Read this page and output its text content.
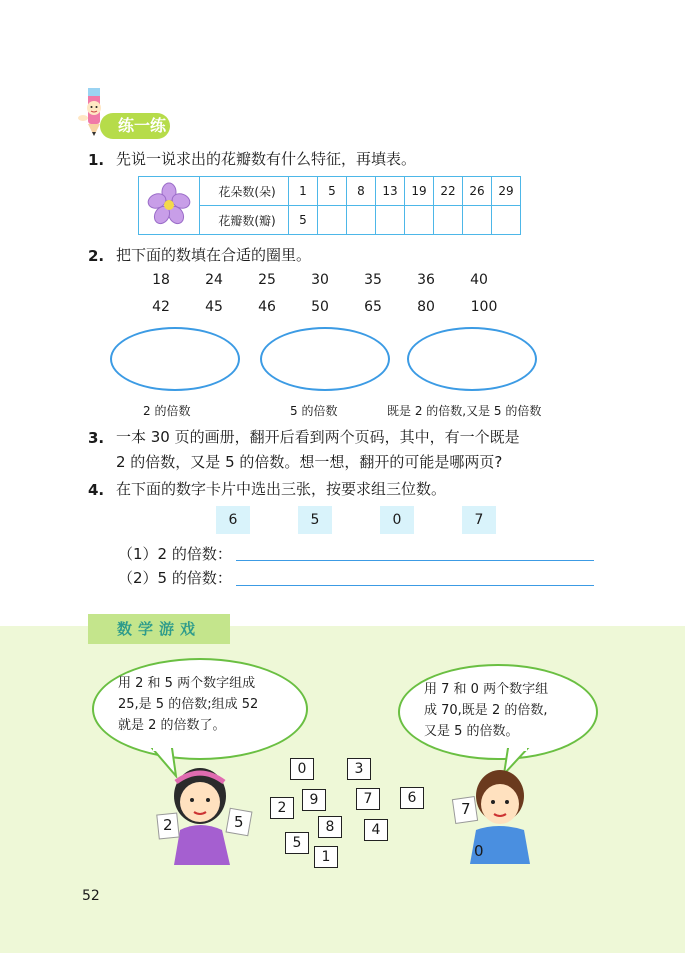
练一练
1. 先说一说求出的花瓣数有什么特征，再填表。
	花朵数(朵)	1	5	8	13	19	22	26	29
	花瓣数(瓣)	5							
2. 把下面的数填在合适的圈里。
18	24	25	30	35	36	40
42	45	46	50	65	80	100
2 的倍数	5 的倍数	既是 2 的倍数,又是 5 的倍数
3. 一本 30 页的画册，翻开后看到两个页码，其中，有一个既是
2 的倍数，又是 5 的倍数。想一想，翻开的可能是哪两页?
4. 在下面的数字卡片中选出三张，按要求组三位数。
6	5	0	7
（1）2 的倍数：
（2）5 的倍数：
数学游戏
用 2 和 5 两个数字组成
25,是 5 的倍数;组成 52
就是 2 的倍数了。
用 7 和 0 两个数字组
成 70,既是 2 的倍数,
又是 5 的倍数。
2	5
7
0
0	3
9	7	6
2
8	4
5
1
52
